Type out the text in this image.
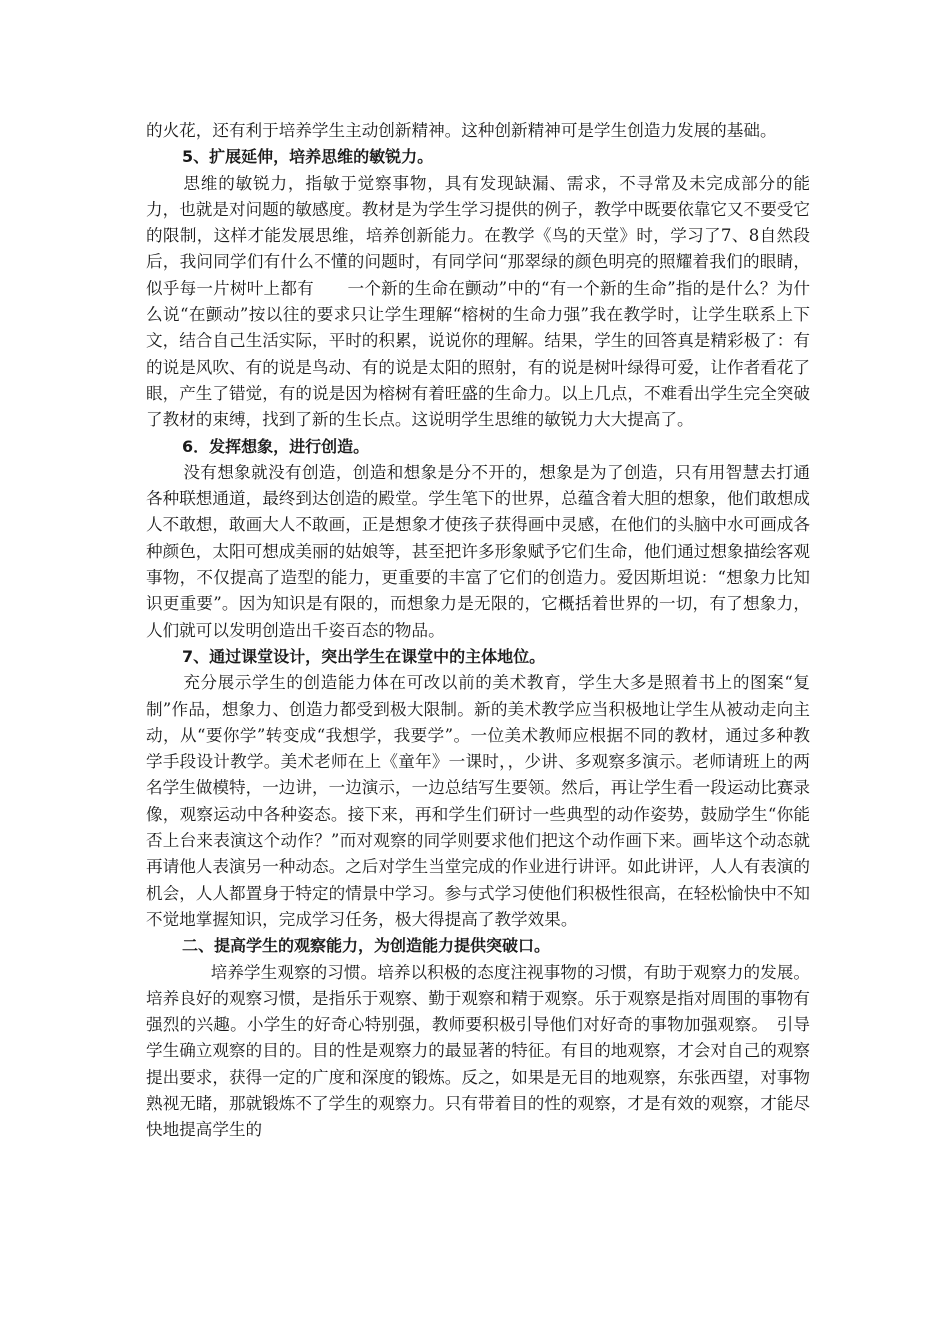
的火花，还有利于培养学生主动创新精神。这种创新精神可是学生创造力发展的基础。

5、扩展延伸，培养思维的敏锐力。

思维的敏锐力，指敏于觉察事物，具有发现缺漏、需求，不寻常及未完成部分的能力，也就是对问题的敏感度。教材是为学生学习提供的例子，教学中既要依靠它又不要受它的限制，这样才能发展思维，培养创新能力。在教学《鸟的天堂》时，学习了7、8自然段后，我问同学们有什么不懂的问题时，有同学问“那翠绿的颜色明亮的照耀着我们的眼睛，似乎每一片树叶上都有　　一个新的生命在颤动”中的“有一个新的生命”指的是什么？为什么说“在颤动”按以往的要求只让学生理解“榕树的生命力强”我在教学时，让学生联系上下文，结合自己生活实际，平时的积累，说说你的理解。结果，学生的回答真是精彩极了：有的说是风吹、有的说是鸟动、有的说是太阳的照射，有的说是树叶绿得可爱，让作者看花了眼，产生了错觉，有的说是因为榕树有着旺盛的生命力。以上几点，不难看出学生完全突破了教材的束缚，找到了新的生长点。这说明学生思维的敏锐力大大提高了。

6．发挥想象，进行创造。

没有想象就没有创造，创造和想象是分不开的，想象是为了创造，只有用智慧去打通各种联想通道，最终到达创造的殿堂。学生笔下的世界，总蕴含着大胆的想象，他们敢想成人不敢想，敢画大人不敢画，正是想象才使孩子获得画中灵感，在他们的头脑中水可画成各种颜色，太阳可想成美丽的姑娘等，甚至把许多形象赋予它们生命，他们通过想象描绘客观事物，不仅提高了造型的能力，更重要的丰富了它们的创造力。爱因斯坦说：“想象力比知识更重要”。因为知识是有限的，而想象力是无限的，它概括着世界的一切，有了想象力，人们就可以发明创造出千姿百态的物品。

7、通过课堂设计，突出学生在课堂中的主体地位。

充分展示学生的创造能力体在可改以前的美术教育，学生大多是照着书上的图案“复制”作品，想象力、创造力都受到极大限制。新的美术教学应当积极地让学生从被动走向主动，从“要你学”转变成“我想学，我要学”。一位美术教师应根据不同的教材，通过多种教学手段设计教学。美术老师在上《童年》一课时，，少讲、多观察多演示。老师请班上的两名学生做模特，一边讲，一边演示，一边总结写生要领。然后，再让学生看一段运动比赛录像，观察运动中各种姿态。接下来，再和学生们研讨一些典型的动作姿势，鼓励学生“你能否上台来表演这个动作？”而对观察的同学则要求他们把这个动作画下来。画毕这个动态就再请他人表演另一种动态。之后对学生当堂完成的作业进行讲评。如此讲评，人人有表演的机会，人人都置身于特定的情景中学习。参与式学习使他们积极性很高，在轻松愉快中不知不觉地掌握知识，完成学习任务，极大得提高了教学效果。

二、提高学生的观察能力，为创造能力提供突破口。

培养学生观察的习惯。培养以积极的态度注视事物的习惯，有助于观察力的发展。培养良好的观察习惯，是指乐于观察、勤于观察和精于观察。乐于观察是指对周围的事物有强烈的兴趣。小学生的好奇心特别强，教师要积极引导他们对好奇的事物加强观察。　引导学生确立观察的目的。目的性是观察力的最显著的特征。有目的地观察，才会对自己的观察提出要求，获得一定的广度和深度的锻炼。反之，如果是无目的地观察，东张西望，对事物熟视无睹，那就锻炼不了学生的观察力。只有带着目的性的观察，才是有效的观察，才能尽快地提高学生的
